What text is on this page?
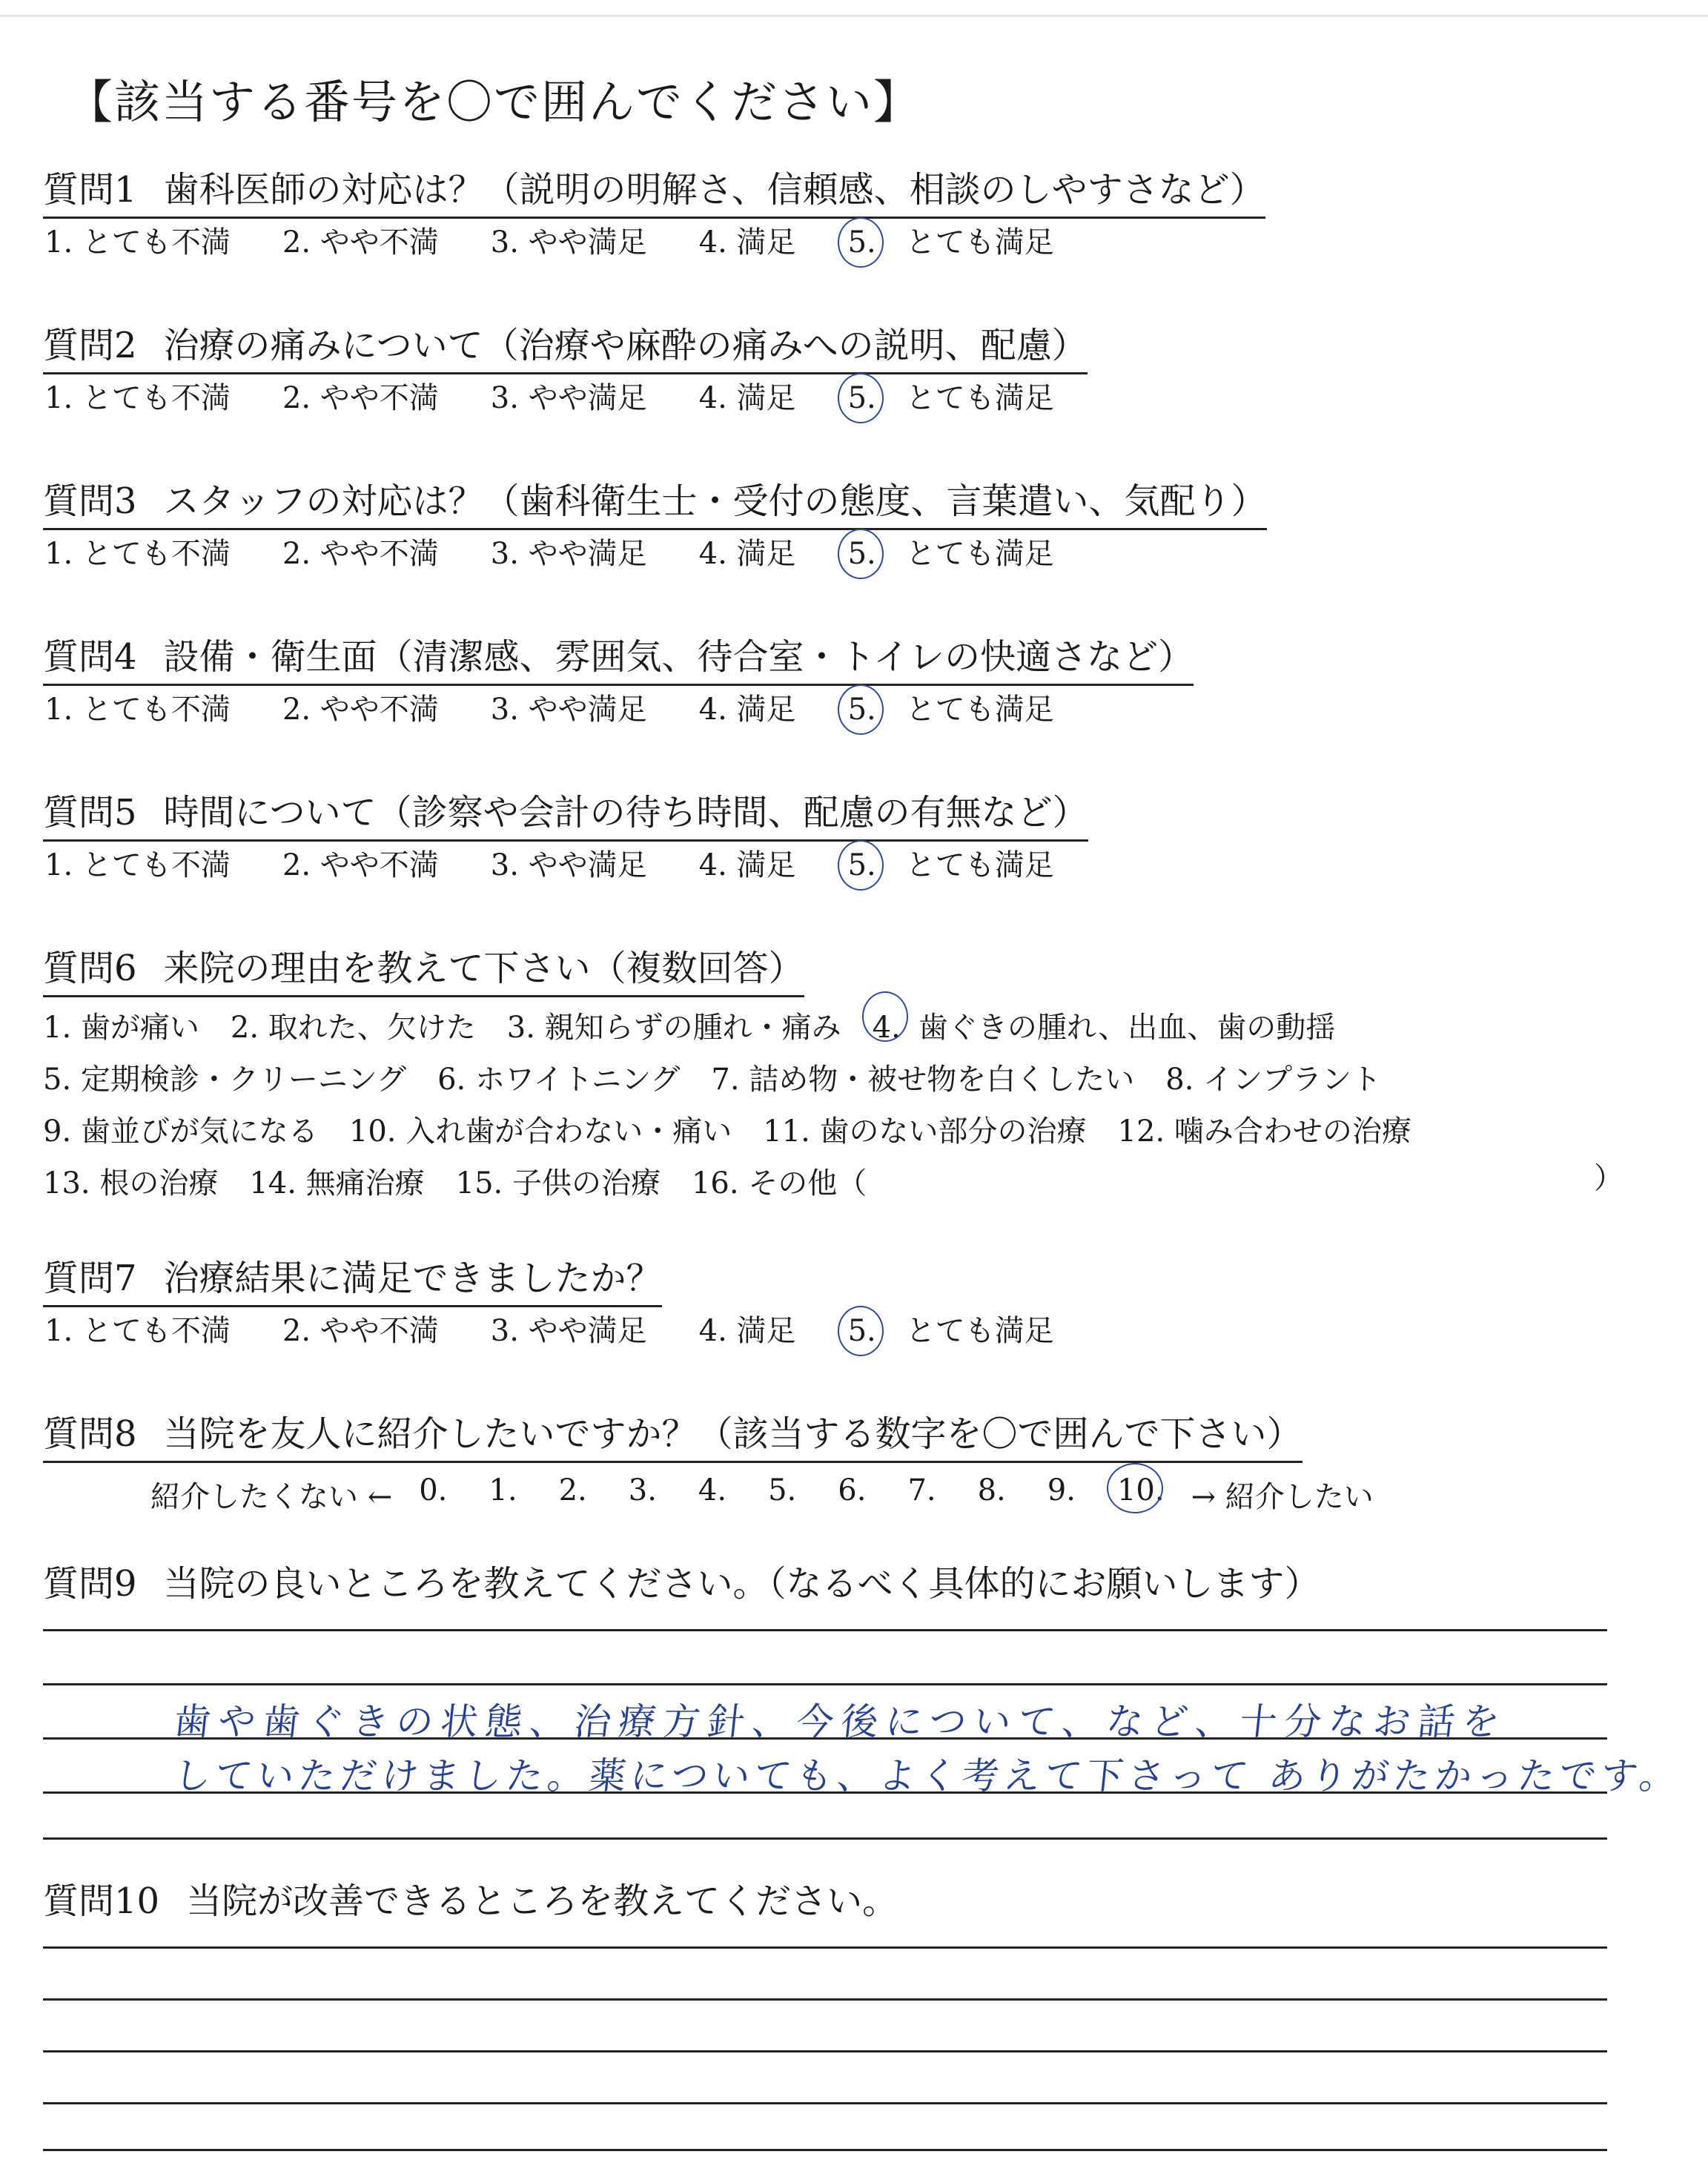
【該当する番号を〇で囲んでください】
質問1 歯科医師の対応は？（説明の明解さ、信頼感、相談のしやすさなど）
1. とても不満 2. やや不満 3. やや満足 4. 満足 5. とても満足
質問2 治療の痛みについて（治療や麻酔の痛みへの説明、配慮）
1. とても不満 2. やや不満 3. やや満足 4. 満足 5. とても満足
質問3 スタッフの対応は？（歯科衛生士・受付の態度、言葉遣い、気配り）
1. とても不満 2. やや不満 3. やや満足 4. 満足 5. とても満足
質問4 設備・衛生面（清潔感、雰囲気、待合室・トイレの快適さなど）
1. とても不満 2. やや不満 3. やや満足 4. 満足 5. とても満足
質問5 時間について（診察や会計の待ち時間、配慮の有無など）
1. とても不満 2. やや不満 3. やや満足 4. 満足 5. とても満足
質問6 来院の理由を教えて下さい（複数回答）
1. 歯が痛い 2. 取れた、欠けた 3. 親知らずの腫れ・痛み 4. 歯ぐきの腫れ、出血、歯の動揺
5. 定期検診・クリーニング 6. ホワイトニング 7. 詰め物・被せ物を白くしたい 8. インプラント
9. 歯並びが気になる 10. 入れ歯が合わない・痛い 11. 歯のない部分の治療 12. 噛み合わせの治療
13. 根の治療 14. 無痛治療 15. 子供の治療 16. その他（	）
質問7 治療結果に満足できましたか？
1. とても不満 2. やや不満 3. やや満足 4. 満足 5. とても満足
質問8 当院を友人に紹介したいですか？（該当する数字を〇で囲んで下さい）
紹介したくない ← 0. 1. 2. 3. 4. 5. 6. 7. 8. 9. 10. → 紹介したい
質問9 当院の良いところを教えてください。（なるべく具体的にお願いします）
歯や歯ぐきの状態、治療方針、今後について、など、十分なお話を
していただけました。薬についても、よく考えて下さって ありがたかったです。
質問10 当院が改善できるところを教えてください。
